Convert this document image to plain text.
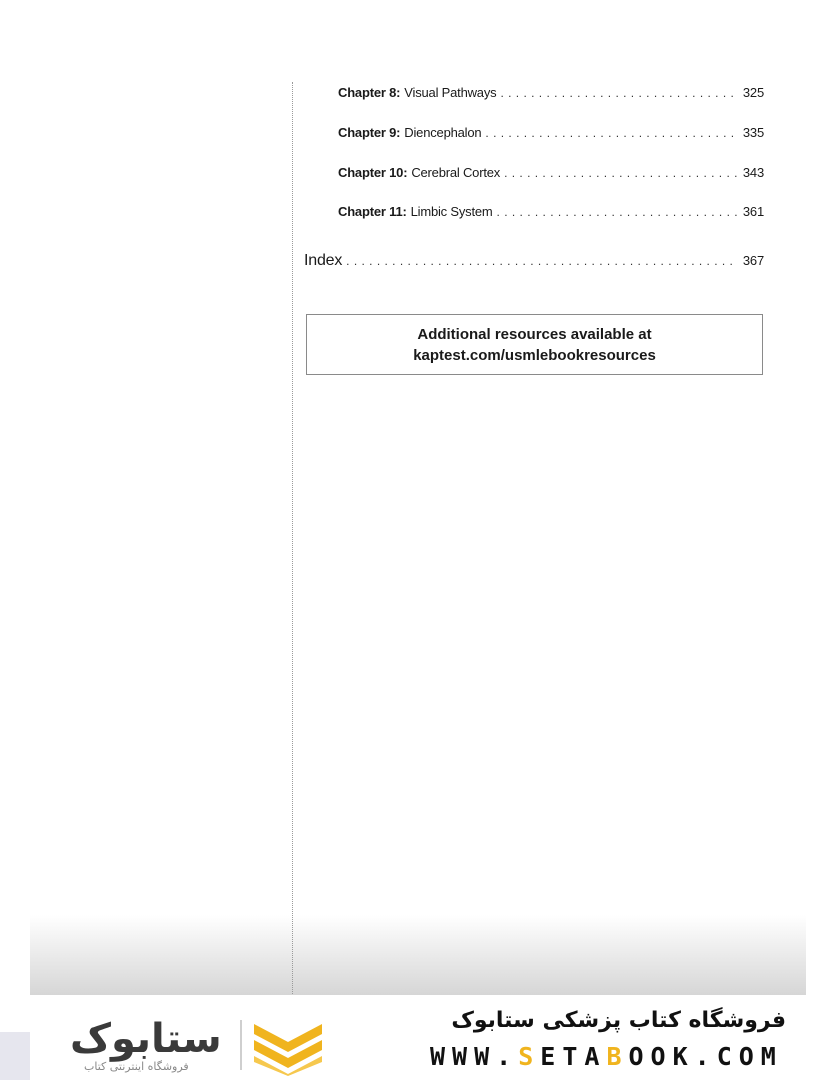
Chapter 8: Visual Pathways . . .	325
Chapter 9: Diencephalon . . .	335
Chapter 10: Cerebral Cortex . . .	343
Chapter 11: Limbic System . . .	361
Index . . .	367
Additional resources available at
kaptest.com/usmlebookresources
ستابوک
فروشگاه اینترنتی کتاب
فروشگاه کتاب پزشکی ستابوک
WWW.SETABOOK.COM
